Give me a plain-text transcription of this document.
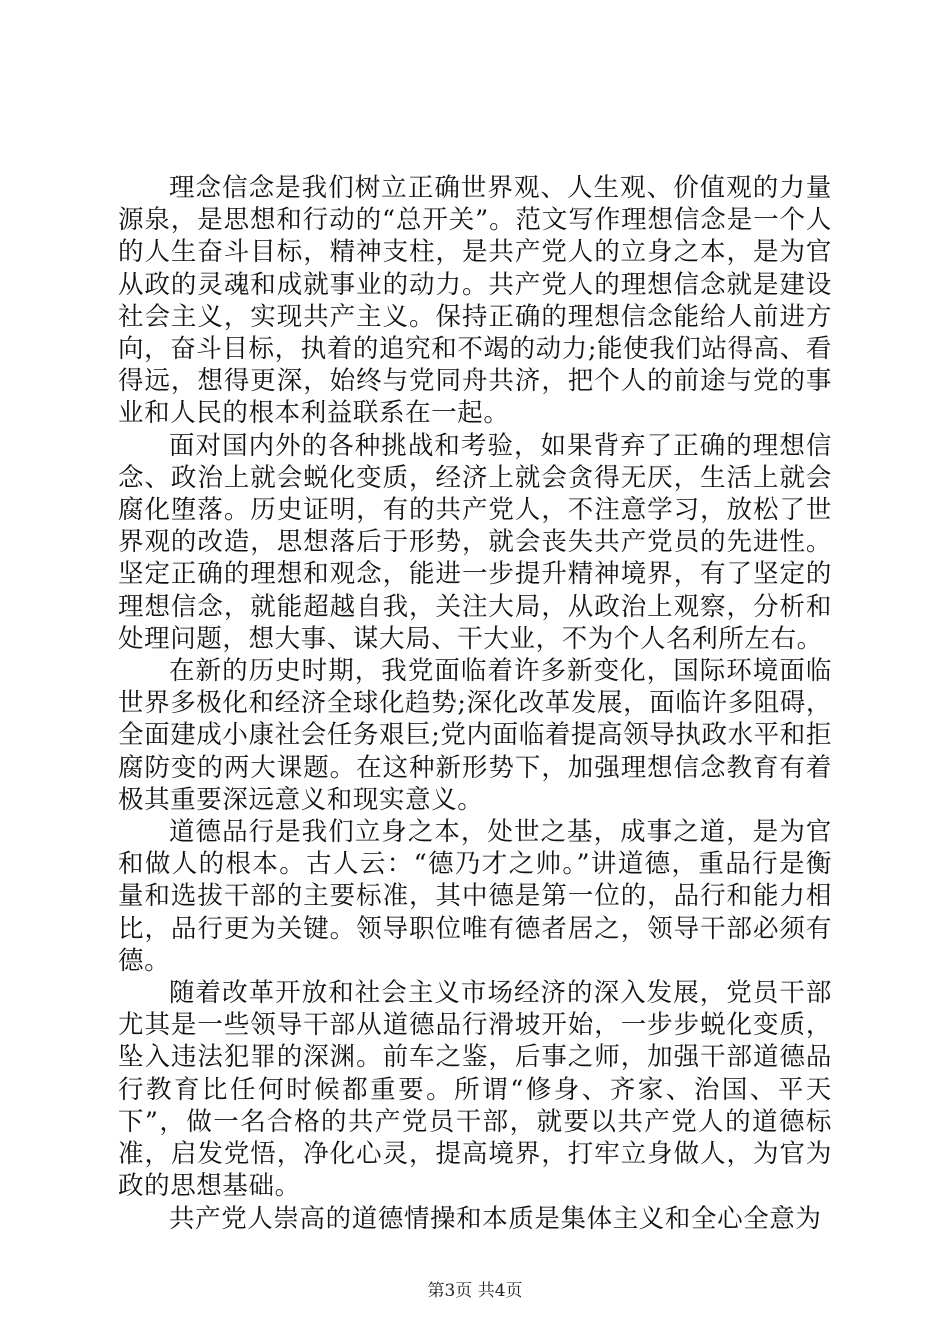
理念信念是我们树立正确世界观、人生观、价值观的力量源泉，是思想和行动的“总开关”。范文写作理想信念是一个人的人生奋斗目标，精神支柱，是共产党人的立身之本，是为官从政的灵魂和成就事业的动力。共产党人的理想信念就是建设社会主义，实现共产主义。保持正确的理想信念能给人前进方向，奋斗目标，执着的追究和不竭的动力;能使我们站得高、看得远，想得更深，始终与党同舟共济，把个人的前途与党的事业和人民的根本利益联系在一起。

面对国内外的各种挑战和考验，如果背弃了正确的理想信念、政治上就会蜕化变质，经济上就会贪得无厌，生活上就会腐化堕落。历史证明，有的共产党人，不注意学习，放松了世界观的改造，思想落后于形势，就会丧失共产党员的先进性。坚定正确的理想和观念，能进一步提升精神境界，有了坚定的理想信念，就能超越自我，关注大局，从政治上观察，分析和处理问题，想大事、谋大局、干大业，不为个人名利所左右。

在新的历史时期，我党面临着许多新变化，国际环境面临世界多极化和经济全球化趋势;深化改革发展，面临许多阻碍，全面建成小康社会任务艰巨;党内面临着提高领导执政水平和拒腐防变的两大课题。在这种新形势下，加强理想信念教育有着极其重要深远意义和现实意义。

道德品行是我们立身之本，处世之基，成事之道，是为官和做人的根本。古人云：“德乃才之帅。”讲道德，重品行是衡量和选拔干部的主要标准，其中德是第一位的，品行和能力相比，品行更为关键。领导职位唯有德者居之，领导干部必须有德。

随着改革开放和社会主义市场经济的深入发展，党员干部尤其是一些领导干部从道德品行滑坡开始，一步步蜕化变质，坠入违法犯罪的深渊。前车之鉴，后事之师，加强干部道德品行教育比任何时候都重要。所谓“修身、齐家、治国、平天下”，做一名合格的共产党员干部，就要以共产党人的道德标准，启发党悟，净化心灵，提高境界，打牢立身做人，为官为政的思想基础。

共产党人崇高的道德情操和本质是集体主义和全心全意为

第3页 共4页
